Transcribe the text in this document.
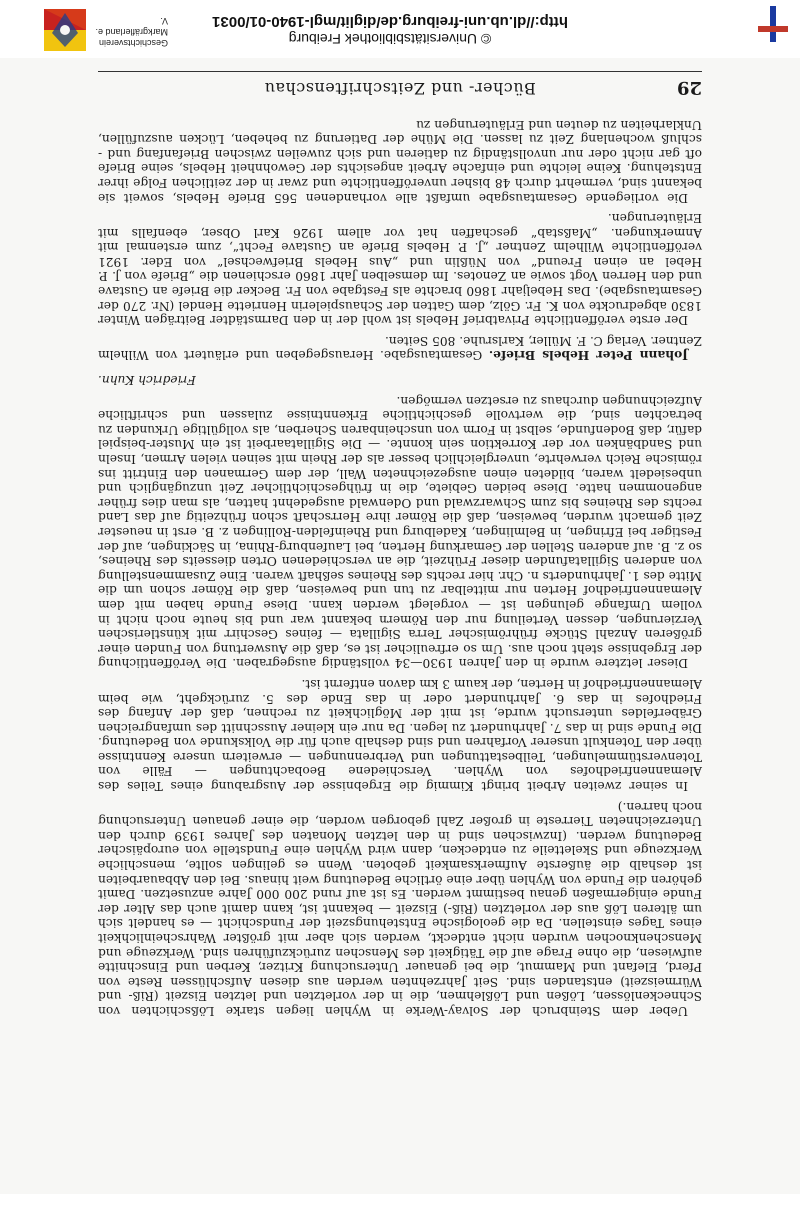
29
Bücher- und Zeitschriftenschau

Ueber dem Steinbruch der Solvay-Werke in Wyhlen liegen starke Lößschichten von Schneckenlössen, Lößen und Lößlehmen, die in der vorletzten und letzten Eiszeit (Riß- und Würmeiszeit) entstanden sind. Seit Jahrzehnten werden aus diesen Aufschlüssen Reste von Pferd, Elefant und Mammut, die bei genauer Untersuchung Kritzer, Kerben und Einschnitte aufwiesen, die ohne Frage auf die Tätigkeit des Menschen zurückzuführen sind. Werkzeuge und Menschenknochen wurden nicht entdeckt, werden sich aber mit größter Wahrscheinlichkeit eines Tages einstellen. Da die geologische Entstehungszeit der Fundschicht — es handelt sich um älteren Löß aus der vorletzten (Riß-) Eiszeit — bekannt ist, kann damit auch das Alter der Funde einigermaßen genau bestimmt werden. Es ist auf rund 200 000 Jahre anzusetzen. Damit gehören die Funde von Wyhlen über eine örtliche Bedeutung weit hinaus. Bei den Abbauarbeiten ist deshalb die äußerste Aufmerksamkeit geboten. Wenn es gelingen sollte, menschliche Werkzeuge und Skeletteile zu entdecken, dann wird Wyhlen eine Fundstelle von europäischer Bedeutung werden. (Inzwischen sind in den letzten Monaten des Jahres 1939 durch den Unterzeichneten Tierreste in großer Zahl geborgen worden, die einer genauen Untersuchung noch harren.)

In seiner zweiten Arbeit bringt Kimmig die Ergebnisse der Ausgrabung eines Teiles des Alemannenfriedhofes von Wyhlen. Verschiedene Beobachtungen — Fälle von Totenverstümmelungen, Teilbestattungen und Verbrennungen — erweitern unsere Kenntnisse über den Totenkult unserer Vorfahren und sind deshalb auch für die Volkskunde von Bedeutung. Die Funde sind in das 7. Jahrhundert zu legen. Da nur ein kleiner Ausschnitt des umfangreichen Gräberfeldes untersucht wurde, ist mit der Möglichkeit zu rechnen, daß der Anfang des Friedhofes in das 6. Jahrhundert oder in das Ende des 5. zurückgeht, wie beim Alemannenfriedhof in Herten, der kaum 3 km davon entfernt ist.

Dieser letztere wurde in den Jahren 1930—34 vollständig ausgegraben. Die Veröffentlichung der Ergebnisse steht noch aus. Um so erfreulicher ist es, daß die Auswertung von Funden einer größeren Anzahl Stücke frührömischer Terra Sigillata — feines Geschirr mit künstlerischen Verzierungen, dessen Verteilung nur den Römern bekannt war und bis heute noch nicht in vollem Umfange gelungen ist — vorgelegt werden kann. Diese Funde haben mit dem Alemannenfriedhof Herten nur mittelbar zu tun und beweisen, daß die Römer schon um die Mitte des 1. Jahrhunderts n. Chr. hier rechts des Rheines seßhaft waren. Eine Zusammenstellung von anderen Sigillatafunden dieser Frühzeit, die an verschiedenen Orten diesseits des Rheines, so z. B. auf anderen Stellen der Gemarkung Herten, bei Laufenburg-Rhina, in Säckingen, auf der Festiger bei Efringen, in Belmlingen, Kadelburg und Rheinfelden-Rollingen z. B. erst in neuester Zeit gemacht wurden, beweisen, daß die Römer ihre Herrschaft schon frühzeitig auf das Land rechts des Rheines bis zum Schwarzwald und Odenwald ausgedehnt hatten, als man dies früher angenommen hatte. Diese beiden Gebiete, die in frühgeschichtlicher Zeit unzugänglich und unbesiedelt waren, bildeten einen ausgezeichneten Wall, der dem Germanen den Eintritt ins römische Reich verwehrte, unvergleichlich besser als der Rhein mit seinen vielen Armen, Inseln und Sandbänken vor der Korrektion sein konnte. — Die Sigillataarbeit ist ein Muster-beispiel dafür, daß Bodenfunde, selbst in Form von unscheinbaren Scherben, als vollgültige Urkunden zu betrachten sind, die wertvolle geschichtliche Erkenntnisse zulassen und schriftliche Aufzeichnungen durchaus zu ersetzen vermögen.

Friedrich Kuhn.

Johann Peter Hebels Briefe. Gesamtausgabe. Herausgegeben und erläutert von Wilhelm Zentner. Verlag C. F. Müller, Karlsruhe. 805 Seiten.

Der erste veröffentlichte Privatbrief Hebels ist wohl der in den Darmstädter Beiträgen Winter 1830 abgedruckte von K. Fr. Gölz, dem Gatten der Schauspielerin Henriette Hendel (Nr. 270 der Gesamtausgabe). Das Hebeljahr 1860 brachte als Festgabe von Fr. Becker die Briefe an Gustave und den Herren Vogt sowie an Zenotes. Im demselben Jahr 1860 erschienen die „Briefe von J. P. Hebel an einen Freund“ von Nüßlin und „Aus Hebels Briefwechsel“ von Eder. 1921 veröffentlichte Wilhelm Zentner „J. P. Hebels Briefe an Gustave Fecht“, zum erstenmal mit Anmerkungen. „Maßstab“ geschaffen hat vor allem 1926 Karl Obser, ebenfalls mit Erläuterungen.

Die vorliegende Gesamtausgabe umfaßt alle vorhandenen 565 Briefe Hebels, soweit sie bekannt sind, vermehrt durch 48 bisher unveröffentlichte und zwar in der zeitlichen Folge ihrer Entstehung. Keine leichte und einfache Arbeit angesichts der Gewohnheit Hebels, seine Briefe oft gar nicht oder nur unvollständig zu datieren und sich zuweilen zwischen Briefanfang und -schluß wochenlang Zeit zu lassen. Die Mühe der Datierung zu beheben, Lücken auszufüllen, Unklarheiten zu deuten und Erläuterungen zu

© Universitätsbibliothek Freiburg
http://dl.ub.uni-freiburg.de/diglit/mgl-1940-01/0031
Geschichtsverein
Markgräflerland e. V.
